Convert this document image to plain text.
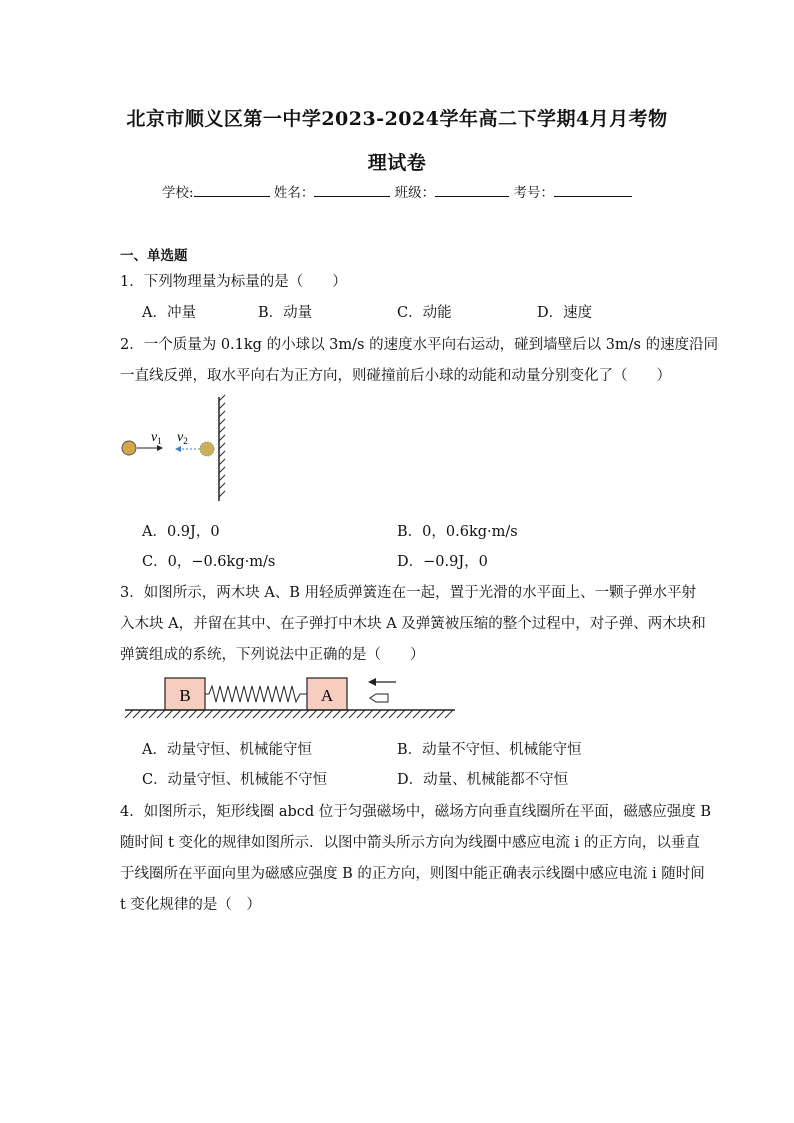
北京市顺义区第一中学2023-2024学年高二下学期4月月考物
理试卷
学校:	姓名：	班级：	考号：
一、单选题
1．下列物理量为标量的是（　　）
A．冲量	B．动量	C．动能	D．速度
2．一个质量为 0.1kg 的小球以 3m/s 的速度水平向右运动，碰到墙壁后以 3m/s 的速度沿同
一直线反弹，取水平向右为正方向，则碰撞前后小球的动能和动量分别变化了（　　）
$v_1$ $v_2$
A．0.9J，0	B．0，0.6kg·m/s
C．0，−0.6kg·m/s	D．−0.9J，0
3．如图所示，两木块 A、B 用轻质弹簧连在一起，置于光滑的水平面上、一颗子弹水平射
入木块 A，并留在其中、在子弹打中木块 A 及弹簧被压缩的整个过程中，对子弹、两木块和
弹簧组成的系统，下列说法中正确的是（　　）
B	A
A．动量守恒、机械能守恒	B．动量不守恒、机械能守恒
C．动量守恒、机械能不守恒	D．动量、机械能都不守恒
4．如图所示，矩形线圈 abcd 位于匀强磁场中，磁场方向垂直线圈所在平面，磁感应强度 B
随时间 t 变化的规律如图所示．以图中箭头所示方向为线圈中感应电流 i 的正方向，以垂直
于线圈所在平面向里为磁感应强度 B 的正方向，则图中能正确表示线圈中感应电流 i 随时间
t 变化规律的是（　）
